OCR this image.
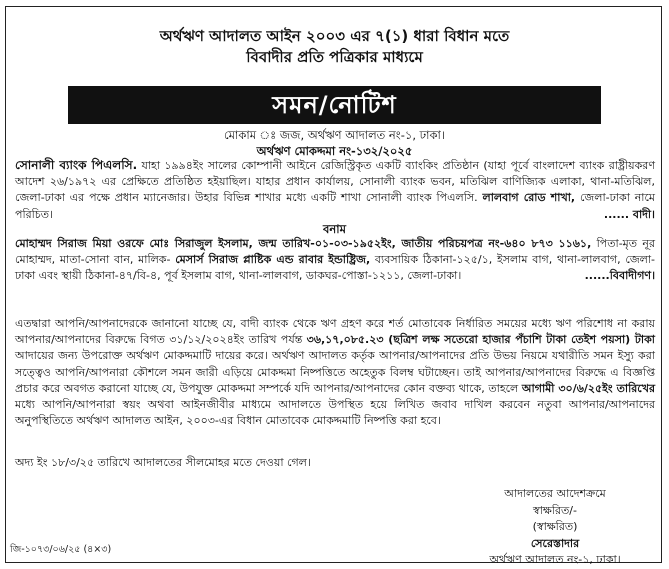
অর্থঋণ আদালত আইন ২০০৩ এর ৭(১) ধারা বিধান মতে
বিবাদীর প্রতি পত্রিকার মাধ্যমে
সমন/নোটিশ
মোকাম ঃ জজ, অর্থঋণ আদালত নং-১, ঢাকা।
অর্থঋণ মোকদ্দমা নং-১৩২/২০২৫
সোনালী ব্যাংক পিএলসি. যাহা ১৯৯৪ইং সালের কোম্পানী আইনে রেজিস্ট্রিকৃত একটি ব্যাংকিং প্রতিষ্ঠান (যাহা পূর্বে বাংলাদেশ ব্যাংক রাষ্ট্রীয়করণ আদেশ ২৬/১৯৭২ এর প্রেক্ষিতে প্রতিষ্ঠিত হইয়াছিল। যাহার প্রধান কার্যালয়, সোনালী ব্যাংক ভবন, মতিঝিল বাণিজ্যিক এলাকা, থানা-মতিঝিল, জেলা-ঢাকা এর পক্ষে প্রধান ম্যানেজার। উহার বিভিন্ন শাখার মধ্যে একটি শাখা সোনালী ব্যাংক পিএলসি. লালবাগ রোড শাখা, জেলা-ঢাকা নামে পরিচিত।	...... বাদী।
বনাম
মোহাম্মদ সিরাজ মিয়া ওরফে মোঃ সিরাজুল ইসলাম, জন্ম তারিখ-০১-০৩-১৯৫২ইং, জাতীয় পরিচয়পত্র নং-৬৪০ ৮৭৩ ১১৬১, পিতা-মৃত নূর মোহাম্মদ, মাতা-সোনা বান, মালিক- মেসার্স সিরাজ প্লাষ্টিক এন্ড রাবার ইন্ডাষ্ট্রিজ, ব্যবসায়িক ঠিকানা-১২৫/১, ইসলাম বাগ, থানা-লালবাগ, জেলা-ঢাকা এবং স্থায়ী ঠিকানা-৪৭/বি-৪, পূর্ব ইসলাম বাগ, থানা-লালবাগ, ডাকঘর-পোস্তা-১২১১, জেলা-ঢাকা।	......বিবাদীগণ।
এতদ্বারা আপনি/আপনাদেরকে জানানো যাচ্ছে যে, বাদী ব্যাংক থেকে ঋণ গ্রহণ করে শর্ত মোতাবেক নির্ধারিত সময়ের মধ্যে ঋণ পরিশোধ না করায় আপনার/আপনাদের বিরুদ্ধে বিগত ৩১/১২/২০২৪ইং তারিখ পর্যন্ত ৩৬,১৭,০৮৫.২৩ (ছত্রিশ লক্ষ সতেরো হাজার পঁচাশি টাকা তেইশ পয়সা) টাকা আদায়ের জন্য উপরোক্ত অর্থঋণ মোকদ্দমাটি দায়ের করে। অর্থঋণ আদালত কর্তৃক আপনার/আপনাদের প্রতি উভয় নিয়মে যথারীতি সমন ইস্যু করা সত্ত্বেও আপনি/আপনারা কৌশলে সমন জারী এড়িয়ে মোকদ্দমা নিষ্পত্তিতে অহেতুক বিলম্ব ঘটাচ্ছেন। তাই আপনার/আপনাদের বিরুদ্ধে এ বিজ্ঞপ্তি প্রচার করে অবগত করানো যাচ্ছে যে, উপযুক্ত মোকদ্দমা সম্পর্কে যদি আপনার/আপনাদের কোন বক্তব্য থাকে, তাহলে আগামী ৩০/৬/২৫ইং তারিখের মধ্যে আপনি/আপনারা স্বয়ং অথবা আইনজীবীর মাধ্যমে আদালতে উপস্থিত হয়ে লিখিত জবাব দাখিল করবেন নতুবা আপনার/আপনাদের অনুপস্থিতিতে অর্থঋণ আদালত আইন, ২০০৩-এর বিধান মোতাবেক মোকদ্দমাটি নিষ্পত্তি করা হবে।
অদ্য ইং ১৮/৩/২৫ তারিখে আদালতের সীলমোহর মতে দেওয়া গেল।
আদালতের আদেশক্রমে
স্বাক্ষরিত/-
(স্বাক্ষরিত)
সেরেস্তাদার
অর্থঋণ আদালত নং-১, ঢাকা।
জি-১০৭৩/০৬/২৫ (৪×৩)
